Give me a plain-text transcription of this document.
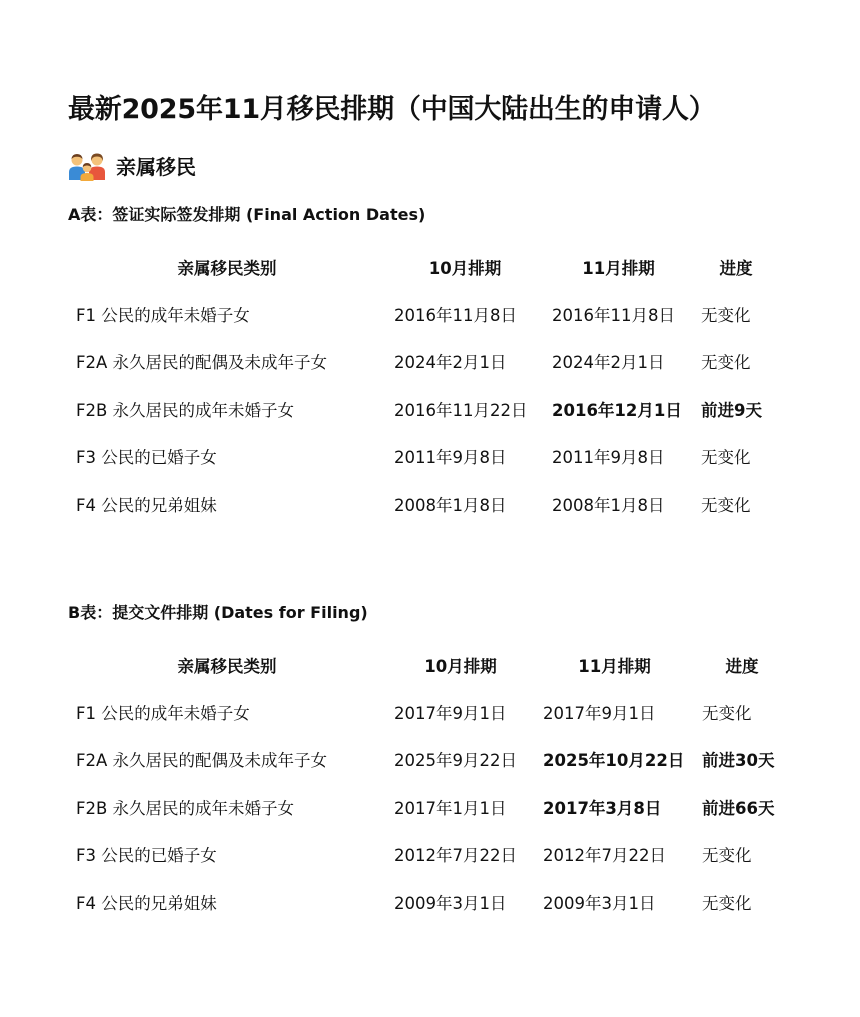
最新2025年11月移民排期（中国大陆出生的申请人）
亲属移民
A表：签证实际签发排期 (Final Action Dates)
亲属移民类别	10月排期	11月排期	进度
F1 公民的成年未婚子女	2016年11月8日	2016年11月8日	无变化
F2A 永久居民的配偶及未成年子女	2024年2月1日	2024年2月1日	无变化
F2B 永久居民的成年未婚子女	2016年11月22日	2016年12月1日	前进9天
F3 公民的已婚子女	2011年9月8日	2011年9月8日	无变化
F4 公民的兄弟姐妹	2008年1月8日	2008年1月8日	无变化
B表：提交文件排期 (Dates for Filing)
亲属移民类别	10月排期	11月排期	进度
F1 公民的成年未婚子女	2017年9月1日	2017年9月1日	无变化
F2A 永久居民的配偶及未成年子女	2025年9月22日	2025年10月22日	前进30天
F2B 永久居民的成年未婚子女	2017年1月1日	2017年3月8日	前进66天
F3 公民的已婚子女	2012年7月22日	2012年7月22日	无变化
F4 公民的兄弟姐妹	2009年3月1日	2009年3月1日	无变化
